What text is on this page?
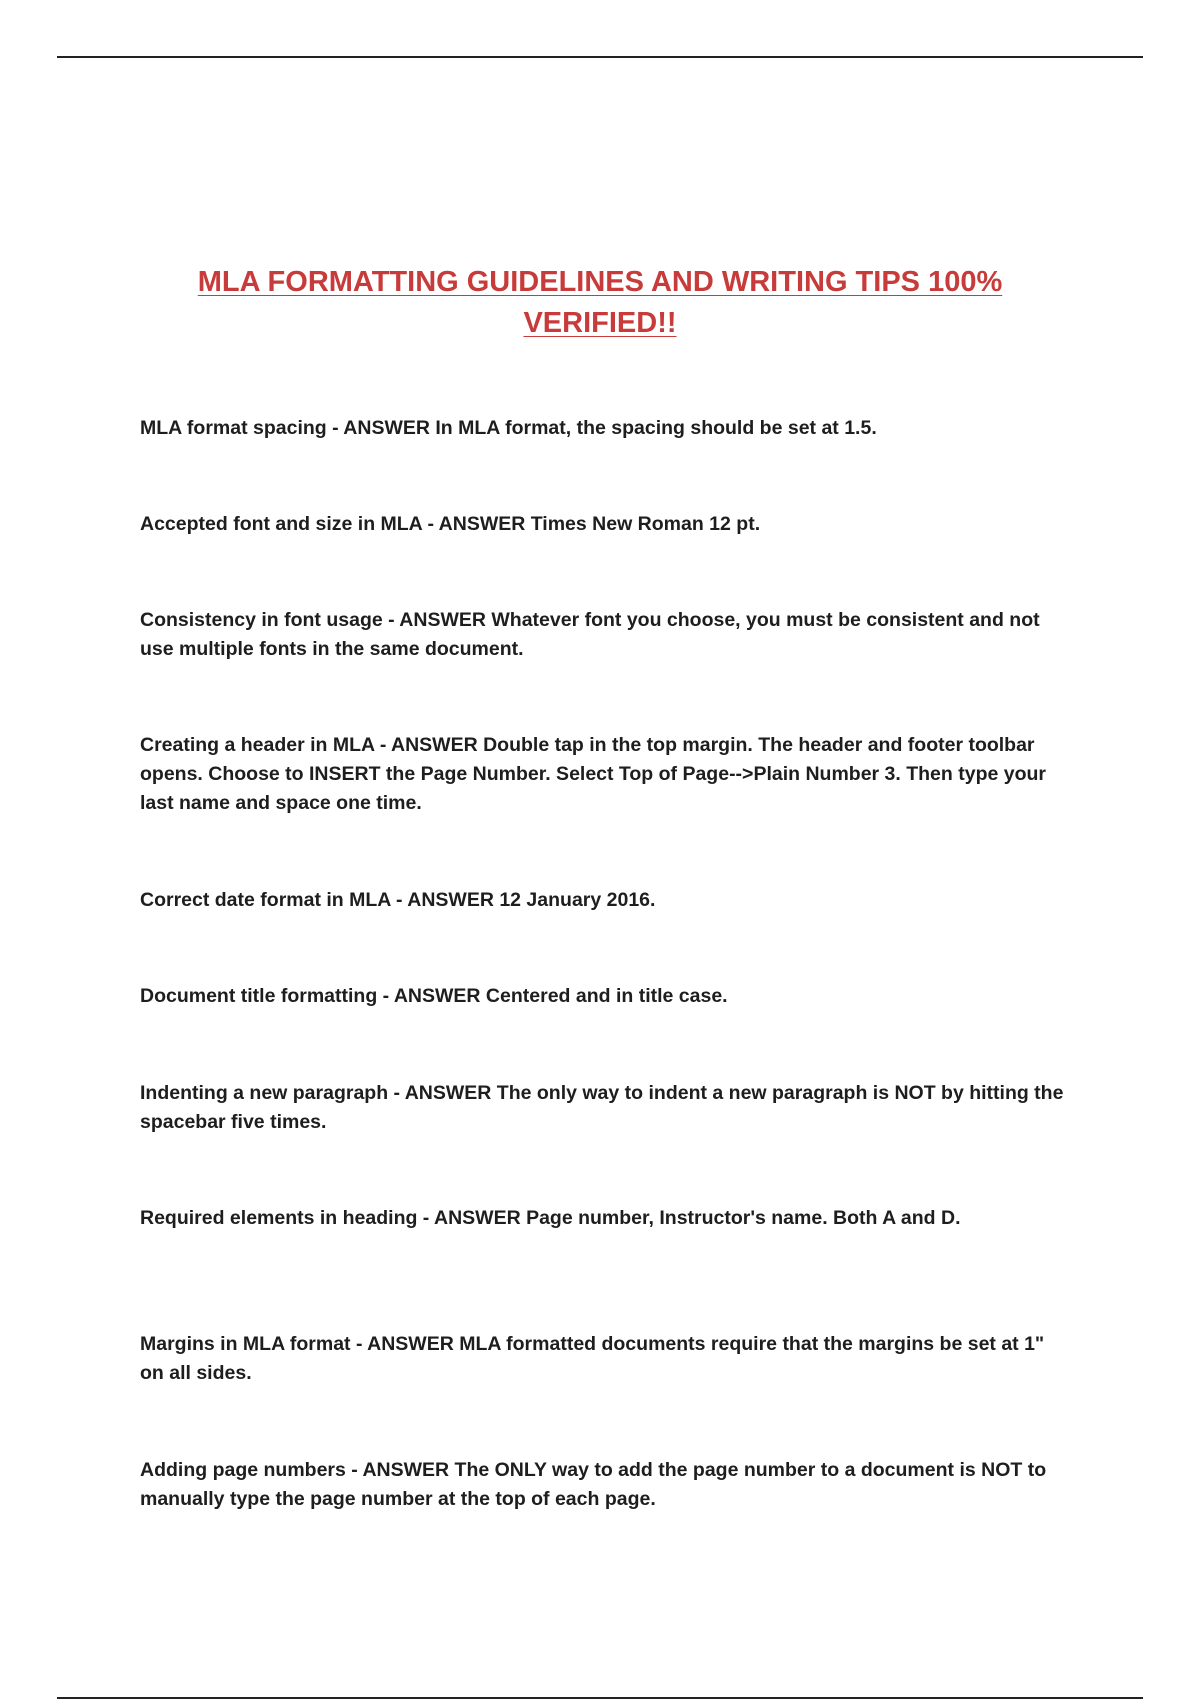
MLA FORMATTING GUIDELINES AND WRITING TIPS 100% VERIFIED!!

MLA format spacing - ANSWER In MLA format, the spacing should be set at 1.5.

Accepted font and size in MLA - ANSWER Times New Roman 12 pt.

Consistency in font usage - ANSWER Whatever font you choose, you must be consistent and not use multiple fonts in the same document.

Creating a header in MLA - ANSWER Double tap in the top margin. The header and footer toolbar opens. Choose to INSERT the Page Number. Select Top of Page-->Plain Number 3. Then type your last name and space one time.

Correct date format in MLA - ANSWER 12 January 2016.

Document title formatting - ANSWER Centered and in title case.

Indenting a new paragraph - ANSWER The only way to indent a new paragraph is NOT by hitting the spacebar five times.

Required elements in heading - ANSWER Page number, Instructor's name. Both A and D.

Margins in MLA format - ANSWER MLA formatted documents require that the margins be set at 1" on all sides.

Adding page numbers - ANSWER The ONLY way to add the page number to a document is NOT to manually type the page number at the top of each page.
